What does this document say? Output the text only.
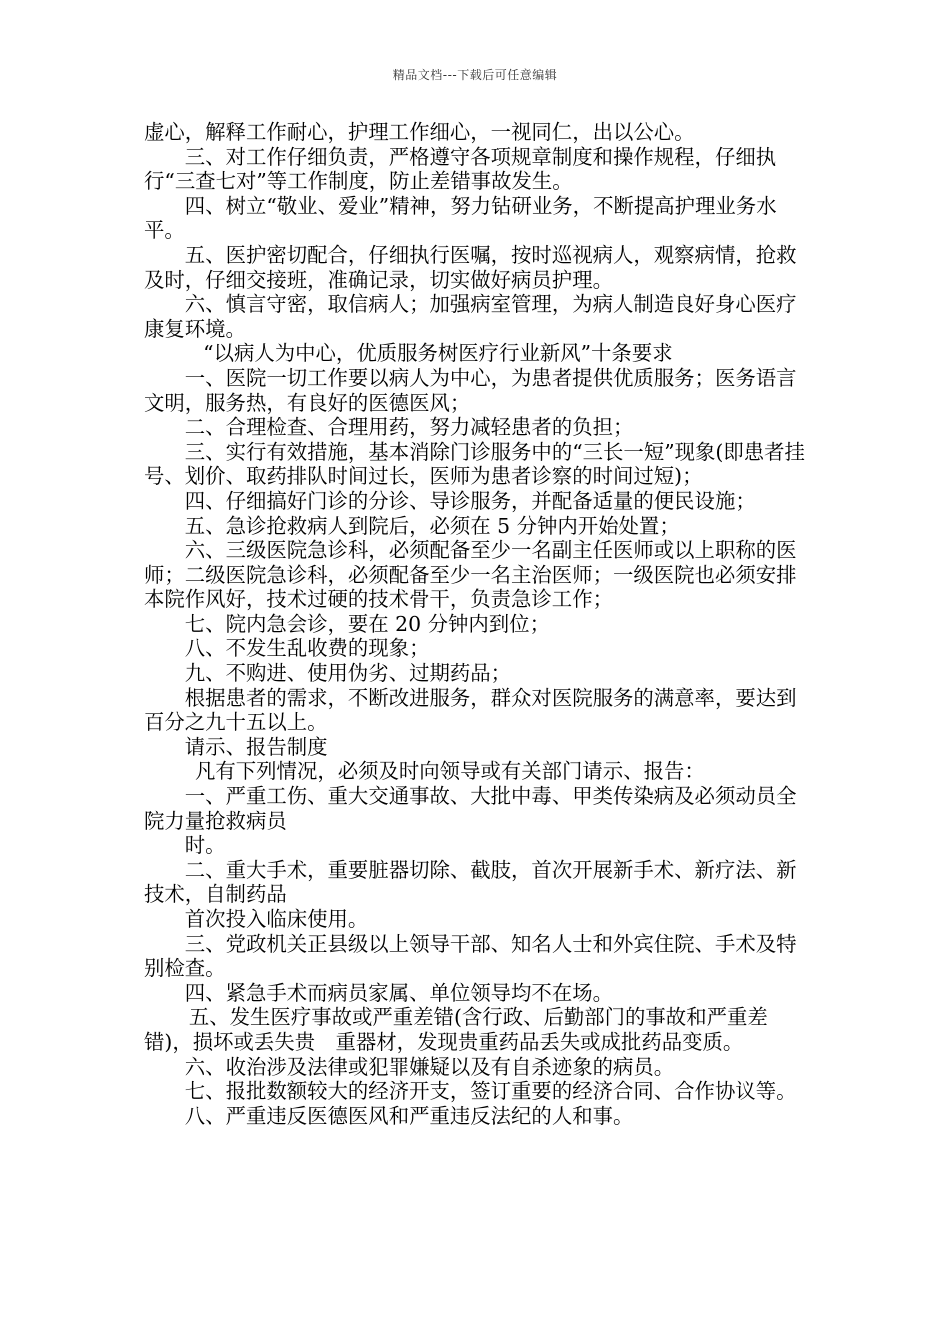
精品文档---下载后可任意编辑

虚心，解释工作耐心，护理工作细心，一视同仁，出以公心。

三、对工作仔细负责，严格遵守各项规章制度和操作规程，仔细执行“三查七对”等工作制度，防止差错事故发生。

四、树立“敬业、爱业”精神，努力钻研业务，不断提高护理业务水平。

五、医护密切配合，仔细执行医嘱，按时巡视病人，观察病情，抢救及时，仔细交接班，准确记录，切实做好病员护理。

六、慎言守密，取信病人；加强病室管理，为病人制造良好身心医疗康复环境。

“以病人为中心，优质服务树医疗行业新风”十条要求

一、医院一切工作要以病人为中心，为患者提供优质服务；医务语言文明，服务热，有良好的医德医风；

二、合理检查、合理用药，努力减轻患者的负担；

三、实行有效措施，基本消除门诊服务中的“三长一短”现象(即患者挂号、划价、取药排队时间过长，医师为患者诊察的时间过短)；

四、仔细搞好门诊的分诊、导诊服务，并配备适量的便民设施；

五、急诊抢救病人到院后，必须在 5 分钟内开始处置；

六、三级医院急诊科，必须配备至少一名副主任医师或以上职称的医师；二级医院急诊科，必须配备至少一名主治医师；一级医院也必须安排本院作风好，技术过硬的技术骨干，负责急诊工作；

七、院内急会诊，要在 20 分钟内到位；

八、不发生乱收费的现象；

九、不购进、使用伪劣、过期药品；

根据患者的需求，不断改进服务，群众对医院服务的满意率，要达到百分之九十五以上。

请示、报告制度

凡有下列情况，必须及时向领导或有关部门请示、报告：

一、严重工伤、重大交通事故、大批中毒、甲类传染病及必须动员全院力量抢救病员

时。

二、重大手术，重要脏器切除、截肢，首次开展新手术、新疗法、新技术，自制药品

首次投入临床使用。

三、党政机关正县级以上领导干部、知名人士和外宾住院、手术及特别检查。

四、紧急手术而病员家属、单位领导均不在场。

五、发生医疗事故或严重差错(含行政、后勤部门的事故和严重差错)，损坏或丢失贵　重器材，发现贵重药品丢失或成批药品变质。

六、收治涉及法律或犯罪嫌疑以及有自杀迹象的病员。

七、报批数额较大的经济开支，签订重要的经济合同、合作协议等。

八、严重违反医德医风和严重违反法纪的人和事。
